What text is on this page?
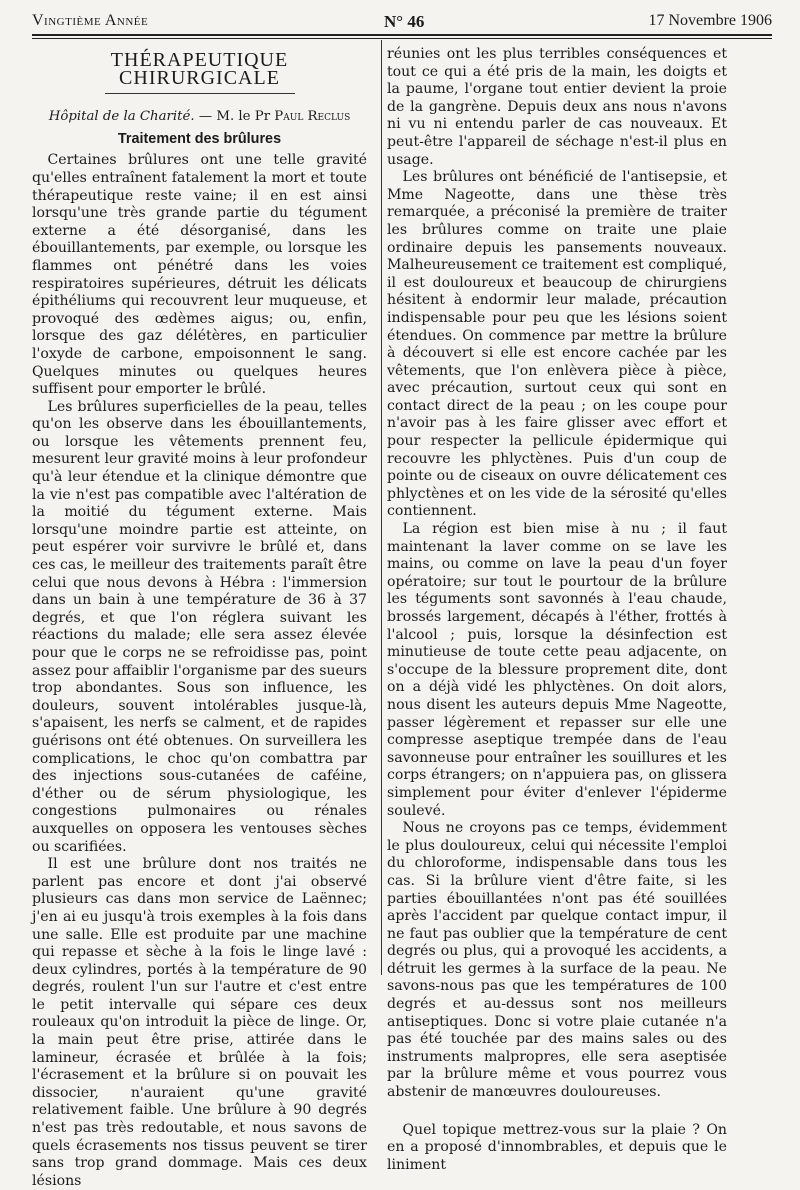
Vingtième Année	N° 46	17 Novembre 1906
THÉRAPEUTIQUE CHIRURGICALE
Hôpital de la Charité. — M. le Pr Paul Reclus
Traitement des brûlures

Certaines brûlures ont une telle gravité qu'elles entraînent fatalement la mort et toute thérapeutique reste vaine; il en est ainsi lorsqu'une très grande partie du tégument externe a été désorganisé, dans les ébouillantements, par exemple, ou lorsque les flammes ont pénétré dans les voies respiratoires supérieures, détruit les délicats épithéliums qui recouvrent leur muqueuse, et provoqué des œdèmes aigus; ou, enfin, lorsque des gaz délétères, en particulier l'oxyde de carbone, empoisonnent le sang. Quelques minutes ou quelques heures suffisent pour emporter le brûlé.

Les brûlures superficielles de la peau, telles qu'on les observe dans les ébouillantements, ou lorsque les vêtements prennent feu, mesurent leur gravité moins à leur profondeur qu'à leur étendue et la clinique démontre que la vie n'est pas compatible avec l'altération de la moitié du tégument externe. Mais lorsqu'une moindre partie est atteinte, on peut espérer voir survivre le brûlé et, dans ces cas, le meilleur des traitements paraît être celui que nous devons à Hébra : l'immersion dans un bain à une température de 36 à 37 degrés, et que l'on réglera suivant les réactions du malade; elle sera assez élevée pour que le corps ne se refroidisse pas, point assez pour affaiblir l'organisme par des sueurs trop abondantes. Sous son influence, les douleurs, souvent intolérables jusque-là, s'apaisent, les nerfs se calment, et de rapides guérisons ont été obtenues. On surveillera les complications, le choc qu'on combattra par des injections sous-cutanées de caféine, d'éther ou de sérum physiologique, les congestions pulmonaires ou rénales auxquelles on opposera les ventouses sèches ou scarifiées.

Il est une brûlure dont nos traités ne parlent pas encore et dont j'ai observé plusieurs cas dans mon service de Laënnec; j'en ai eu jusqu'à trois exemples à la fois dans une salle. Elle est produite par une machine qui repasse et sèche à la fois le linge lavé : deux cylindres, portés à la température de 90 degrés, roulent l'un sur l'autre et c'est entre le petit intervalle qui sépare ces deux rouleaux qu'on introduit la pièce de linge. Or, la main peut être prise, attirée dans le lamineur, écrasée et brûlée à la fois; l'écrasement et la brûlure si on pouvait les dissocier, n'auraient qu'une gravité relativement faible. Une brûlure à 90 degrés n'est pas très redoutable, et nous savons de quels écrasements nos tissus peuvent se tirer sans trop grand dommage. Mais ces deux lésions

réunies ont les plus terribles conséquences et tout ce qui a été pris de la main, les doigts et la paume, l'organe tout entier devient la proie de la gangrène. Depuis deux ans nous n'avons ni vu ni entendu parler de cas nouveaux. Et peut-être l'appareil de séchage n'est-il plus en usage.

Les brûlures ont bénéficié de l'antisepsie, et Mme Nageotte, dans une thèse très remarquée, a préconisé la première de traiter les brûlures comme on traite une plaie ordinaire depuis les pansements nouveaux. Malheureusement ce traitement est compliqué, il est douloureux et beaucoup de chirurgiens hésitent à endormir leur malade, précaution indispensable pour peu que les lésions soient étendues. On commence par mettre la brûlure à découvert si elle est encore cachée par les vêtements, que l'on enlèvera pièce à pièce, avec précaution, surtout ceux qui sont en contact direct de la peau ; on les coupe pour n'avoir pas à les faire glisser avec effort et pour respecter la pellicule épidermique qui recouvre les phlyctènes. Puis d'un coup de pointe ou de ciseaux on ouvre délicatement ces phlyctènes et on les vide de la sérosité qu'elles contiennent.

La région est bien mise à nu ; il faut maintenant la laver comme on se lave les mains, ou comme on lave la peau d'un foyer opératoire; sur tout le pourtour de la brûlure les téguments sont savonnés à l'eau chaude, brossés largement, décapés à l'éther, frottés à l'alcool ; puis, lorsque la désinfection est minutieuse de toute cette peau adjacente, on s'occupe de la blessure proprement dite, dont on a déjà vidé les phlyctènes. On doit alors, nous disent les auteurs depuis Mme Nageotte, passer légèrement et repasser sur elle une compresse aseptique trempée dans de l'eau savonneuse pour entraîner les souillures et les corps étrangers; on n'appuiera pas, on glissera simplement pour éviter d'enlever l'épiderme soulevé.

Nous ne croyons pas ce temps, évidemment le plus douloureux, celui qui nécessite l'emploi du chloroforme, indispensable dans tous les cas. Si la brûlure vient d'être faite, si les parties ébouillantées n'ont pas été souillées après l'accident par quelque contact impur, il ne faut pas oublier que la température de cent degrés ou plus, qui a provoqué les accidents, a détruit les germes à la surface de la peau. Ne savons-nous pas que les températures de 100 degrés et au-dessus sont nos meilleurs antiseptiques. Donc si votre plaie cutanée n'a pas été touchée par des mains sales ou des instruments malpropres, elle sera aseptisée par la brûlure même et vous pourrez vous abstenir de manœuvres douloureuses.

Quel topique mettrez-vous sur la plaie ? On en a proposé d'innombrables, et depuis que le liniment
